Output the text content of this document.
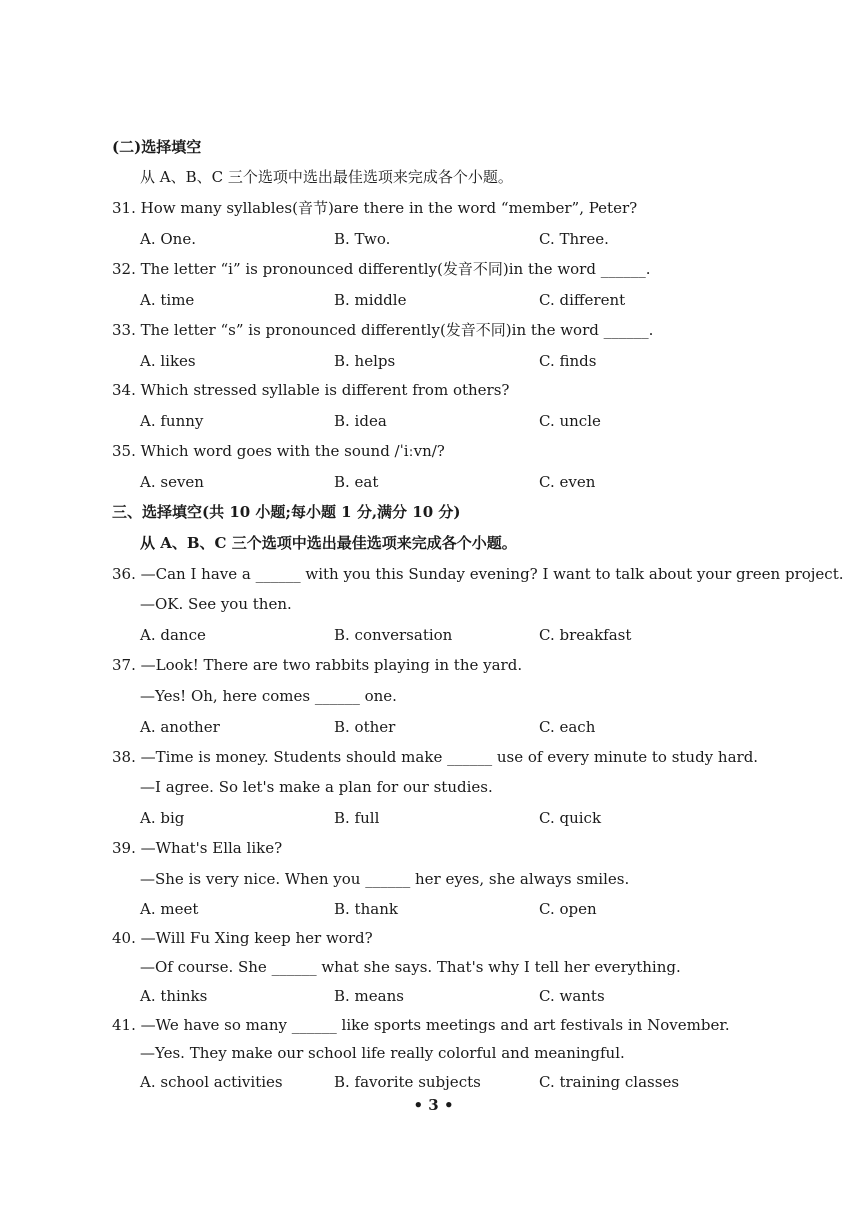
(二)选择填空
从 A、B、C 三个选项中选出最佳选项来完成各个小题。
31. How many syllables(音节)are there in the word “member”, Peter?
A. One.	B. Two.	C. Three.
32. The letter “i” is pronounced differently(发音不同)in the word ______.
A. time	B. middle	C. different
33. The letter “s” is pronounced differently(发音不同)in the word ______.
A. likes	B. helps	C. finds
34. Which stressed syllable is different from others?
A. funny	B. idea	C. uncle
35. Which word goes with the sound /ˈiːvn/?
A. seven	B. eat	C. even
三、选择填空(共 10 小题;每小题 1 分,满分 10 分)
从 A、B、C 三个选项中选出最佳选项来完成各个小题。
36. —Can I have a ______ with you this Sunday evening? I want to talk about your green project.
—OK. See you then.
A. dance	B. conversation	C. breakfast
37. —Look! There are two rabbits playing in the yard.
—Yes! Oh, here comes ______ one.
A. another	B. other	C. each
38. —Time is money. Students should make ______ use of every minute to study hard.
—I agree. So let's make a plan for our studies.
A. big	B. full	C. quick
39. —What's Ella like?
—She is very nice. When you ______ her eyes, she always smiles.
A. meet	B. thank	C. open
40. —Will Fu Xing keep her word?
—Of course. She ______ what she says. That's why I tell her everything.
A. thinks	B. means	C. wants
41. —We have so many ______ like sports meetings and art festivals in November.
—Yes. They make our school life really colorful and meaningful.
A. school activities	B. favorite subjects	C. training classes
• 3 •
